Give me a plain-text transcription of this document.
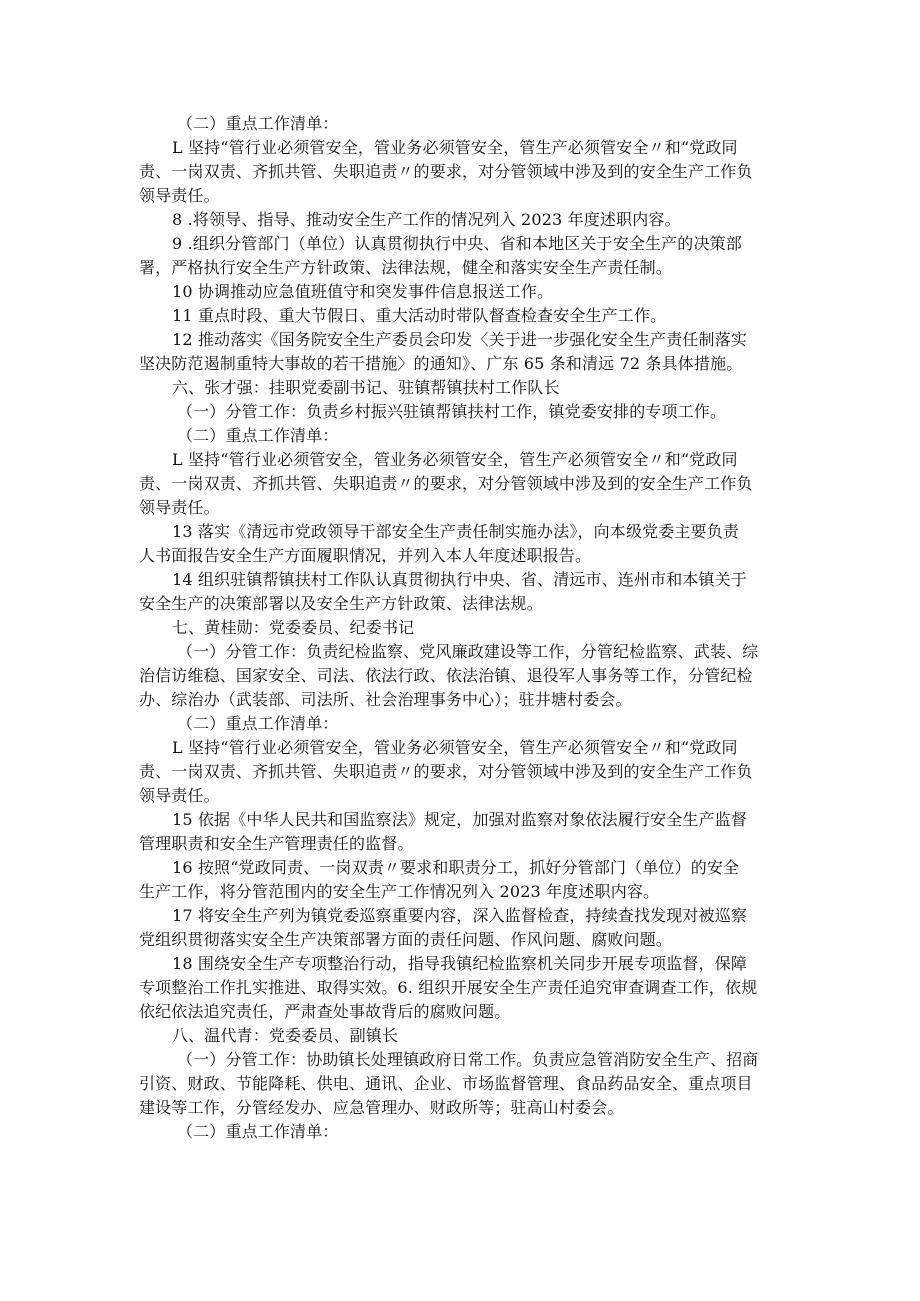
（二）重点工作清单：
L 坚持“管行业必须管安全，管业务必须管安全，管生产必须管安全〃和“党政同
责、一岗双责、齐抓共管、失职追责〃的要求，对分管领域中涉及到的安全生产工作负
领导责任。
8 .将领导、指导、推动安全生产工作的情况列入 2023 年度述职内容。
9 .组织分管部门（单位）认真贯彻执行中央、省和本地区关于安全生产的决策部
署，严格执行安全生产方针政策、法律法规，健全和落实安全生产责任制。
10 协调推动应急值班值守和突发事件信息报送工作。
11 重点时段、重大节假日、重大活动时带队督查检查安全生产工作。
12 推动落实《国务院安全生产委员会印发〈关于进一步强化安全生产责任制落实
坚决防范遏制重特大事故的若干措施〉的通知》、广东 65 条和清远 72 条具体措施。
六、张才强：挂职党委副书记、驻镇帮镇扶村工作队长
（一）分管工作：负责乡村振兴驻镇帮镇扶村工作，镇党委安排的专项工作。
（二）重点工作清单：
L 坚持“管行业必须管安全，管业务必须管安全，管生产必须管安全〃和“党政同
责、一岗双责、齐抓共管、失职追责〃的要求，对分管领域中涉及到的安全生产工作负
领导责任。
13 落实《清远市党政领导干部安全生产责任制实施办法》，向本级党委主要负责
人书面报告安全生产方面履职情况，并列入本人年度述职报告。
14 组织驻镇帮镇扶村工作队认真贯彻执行中央、省、清远市、连州市和本镇关于
安全生产的决策部署以及安全生产方针政策、法律法规。
七、黄桂勋：党委委员、纪委书记
（一）分管工作：负责纪检监察、党风廉政建设等工作，分管纪检监察、武装、综
治信访维稳、国家安全、司法、依法行政、依法治镇、退役军人事务等工作，分管纪检
办、综治办（武装部、司法所、社会治理事务中心）；驻井塘村委会。
（二）重点工作清单：
L 坚持“管行业必须管安全，管业务必须管安全，管生产必须管安全〃和“党政同
责、一岗双责、齐抓共管、失职追责〃的要求，对分管领域中涉及到的安全生产工作负
领导责任。
15 依据《中华人民共和国监察法》规定，加强对监察对象依法履行安全生产监督
管理职责和安全生产管理责任的监督。
16 按照“党政同责、一岗双责〃要求和职责分工，抓好分管部门（单位）的安全
生产工作，将分管范围内的安全生产工作情况列入 2023 年度述职内容。
17 将安全生产列为镇党委巡察重要内容，深入监督检查，持续查找发现对被巡察
党组织贯彻落实安全生产决策部署方面的责任问题、作风问题、腐败问题。
18 围绕安全生产专项整治行动，指导我镇纪检监察机关同步开展专项监督，保障
专项整治工作扎实推进、取得实效。6. 组织开展安全生产责任追究审查调查工作，依规
依纪依法追究责任，严肃查处事故背后的腐败问题。
八、温代青：党委委员、副镇长
（一）分管工作：协助镇长处理镇政府日常工作。负责应急管消防安全生产、招商
引资、财政、节能降耗、供电、通讯、企业、市场监督管理、食品药品安全、重点项目
建设等工作，分管经发办、应急管理办、财政所等；驻高山村委会。
（二）重点工作清单：
